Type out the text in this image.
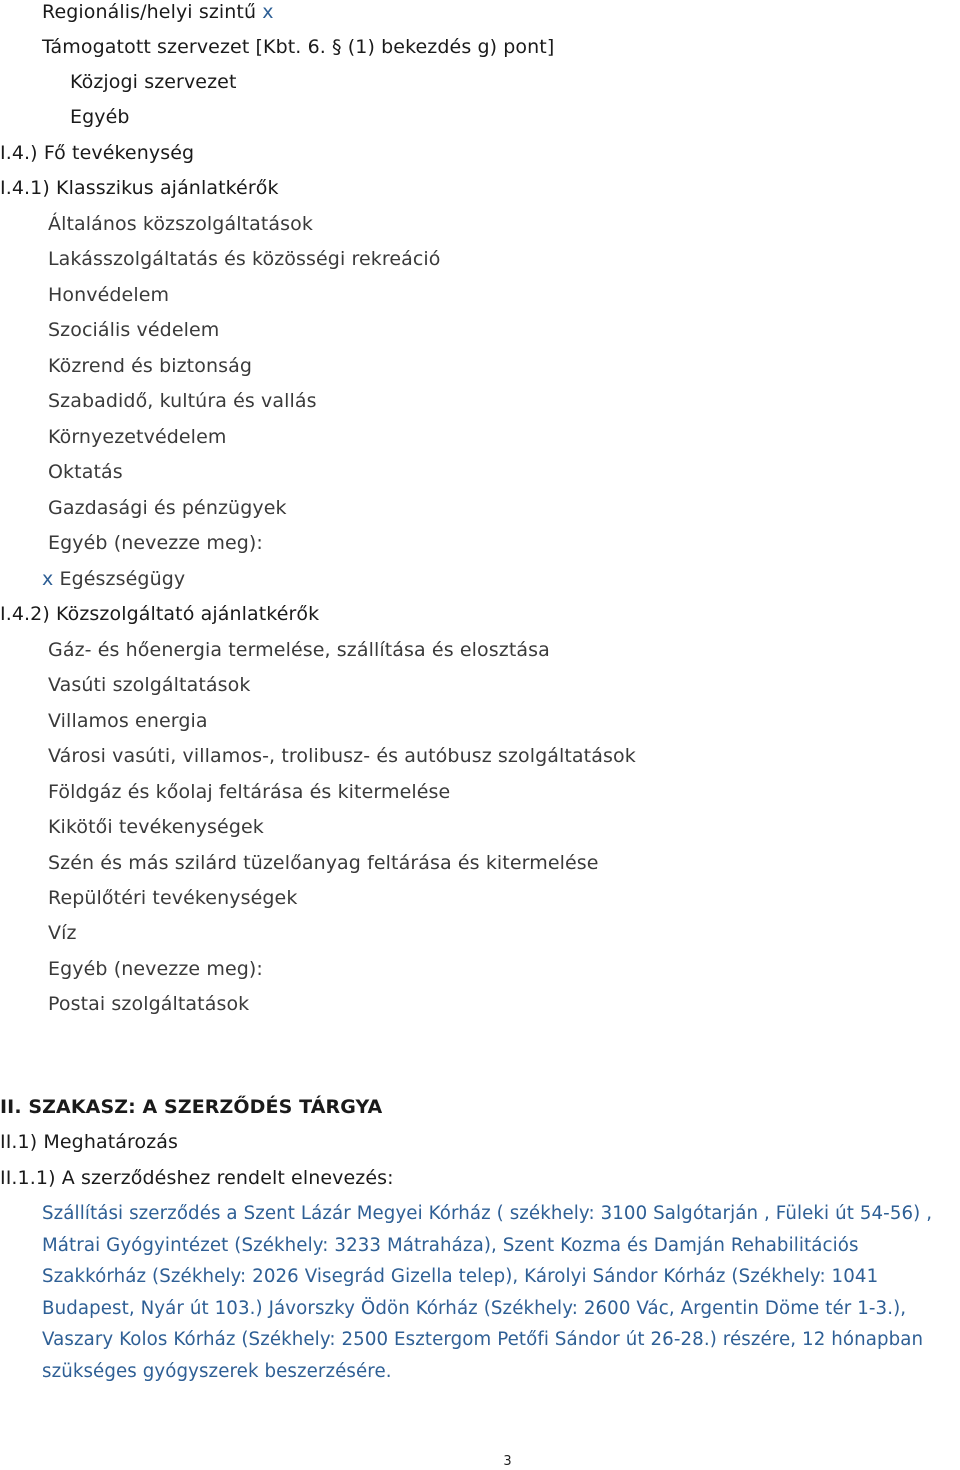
Regionális/helyi szintű x
Támogatott szervezet [Kbt. 6. § (1) bekezdés g) pont]
Közjogi szervezet
Egyéb
I.4.) Fő tevékenység
I.4.1) Klasszikus ajánlatkérők
Általános közszolgáltatások
Lakásszolgáltatás és közösségi rekreáció
Honvédelem
Szociális védelem
Közrend és biztonság
Szabadidő, kultúra és vallás
Környezetvédelem
Oktatás
Gazdasági és pénzügyek
Egyéb (nevezze meg):
x Egészségügy
I.4.2) Közszolgáltató ajánlatkérők
Gáz- és hőenergia termelése, szállítása és elosztása
Vasúti szolgáltatások
Villamos energia
Városi vasúti, villamos-, trolibusz- és autóbusz szolgáltatások
Földgáz és kőolaj feltárása és kitermelése
Kikötői tevékenységek
Szén és más szilárd tüzelőanyag feltárása és kitermelése
Repülőtéri tevékenységek
Víz
Egyéb (nevezze meg):
Postai szolgáltatások
II. SZAKASZ: A SZERZŐDÉS TÁRGYA
II.1) Meghatározás
II.1.1) A szerződéshez rendelt elnevezés:
Szállítási szerződés a Szent Lázár Megyei Kórház ( székhely: 3100 Salgótarján , Füleki út 54-56) , Mátrai Gyógyintézet (Székhely: 3233 Mátraháza), Szent Kozma és Damján Rehabilitációs Szakkórház (Székhely: 2026 Visegrád Gizella telep), Károlyi Sándor Kórház (Székhely: 1041 Budapest, Nyár út 103.) Jávorszky Ödön Kórház (Székhely: 2600 Vác, Argentin Döme tér 1-3.), Vaszary Kolos Kórház (Székhely: 2500 Esztergom Petőfi Sándor út 26-28.) részére, 12 hónapban szükséges gyógyszerek beszerzésére.
3
